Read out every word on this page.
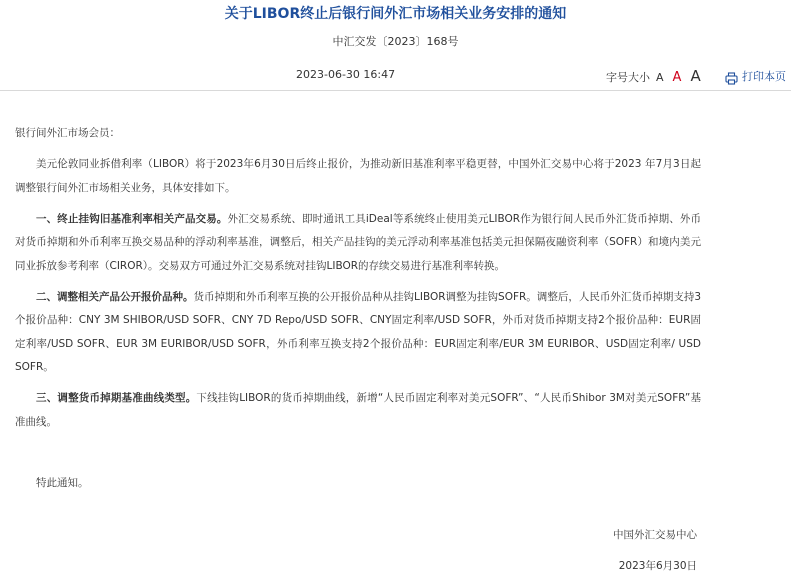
关于LIBOR终止后银行间外汇市场相关业务安排的通知
中汇交发〔2023〕168号
2023-06-30 16:47	字号大小 A A A	打印本页

银行间外汇市场会员：

美元伦敦同业拆借利率（LIBOR）将于2023年6月30日后终止报价，为推动新旧基准利率平稳更替，中国外汇交易中心将于2023 年7月3日起调整银行间外汇市场相关业务，具体安排如下。

一、终止挂钩旧基准利率相关产品交易。外汇交易系统、即时通讯工具iDeal等系统终止使用美元LIBOR作为银行间人民币外汇货币掉期、外币对货币掉期和外币利率互换交易品种的浮动利率基准，调整后，相关产品挂钩的美元浮动利率基准包括美元担保隔夜融资利率（SOFR）和境内美元同业拆放参考利率（CIROR）。交易双方可通过外汇交易系统对挂钩LIBOR的存续交易进行基准利率转换。

二、调整相关产品公开报价品种。货币掉期和外币利率互换的公开报价品种从挂钩LIBOR调整为挂钩SOFR。调整后，人民币外汇货币掉期支持3个报价品种：CNY 3M SHIBOR/USD SOFR、CNY 7D Repo/USD SOFR、CNY固定利率/USD SOFR，外币对货币掉期支持2个报价品种：EUR固定利率/USD SOFR、EUR 3M EURIBOR/USD SOFR，外币利率互换支持2个报价品种：EUR固定利率/EUR 3M EURIBOR、USD固定利率/ USD SOFR。

三、调整货币掉期基准曲线类型。下线挂钩LIBOR的货币掉期曲线，新增“人民币固定利率对美元SOFR”、“人民币Shibor 3M对美元SOFR”基准曲线。

特此通知。

中国外汇交易中心
2023年6月30日
